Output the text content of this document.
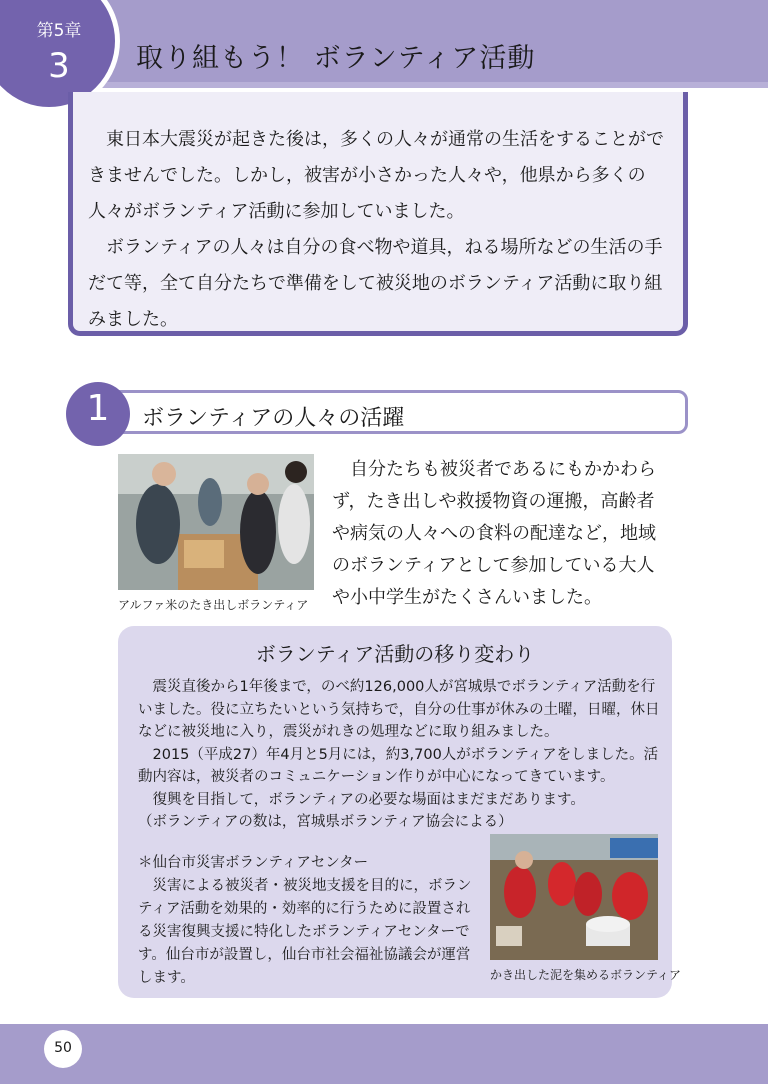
第5章
3	取り組もう！ ボランティア活動

東日本大震災が起きた後は，多くの人々が通常の生活をすることができませんでした。しかし，被害が小さかった人々や，他県から多くの人々がボランティア活動に参加していました。

ボランティアの人々は自分の食べ物や道具，ねる場所などの生活の手だて等，全て自分たちで準備をして被災地のボランティア活動に取り組みました。

1	ボランティアの人々の活躍
アルファ米のたき出しボランティア
自分たちも被災者であるにもかかわらず，たき出しや救援物資の運搬，高齢者や病気の人々への食料の配達など，地域のボランティアとして参加している大人や小中学生がたくさんいました。
ボランティア活動の移り変わり

震災直後から1年後まで，のべ約126,000人が宮城県でボランティア活動を行いました。役に立ちたいという気持ちで，自分の仕事が休みの土曜，日曜，休日などに被災地に入り，震災がれきの処理などに取り組みました。

2015（平成27）年4月と5月には，約3,700人がボランティアをしました。活動内容は，被災者のコミュニケーション作りが中心になってきています。

復興を目指して，ボランティアの必要な場面はまだまだあります。

（ボランティアの数は，宮城県ボランティア協会による）

＊仙台市災害ボランティアセンター

災害による被災者・被災地支援を目的に，ボランティア活動を効果的・効率的に行うために設置される災害復興支援に特化したボランティアセンターです。仙台市が設置し，仙台市社会福祉協議会が運営します。	かき出した泥を集めるボランティア
50
